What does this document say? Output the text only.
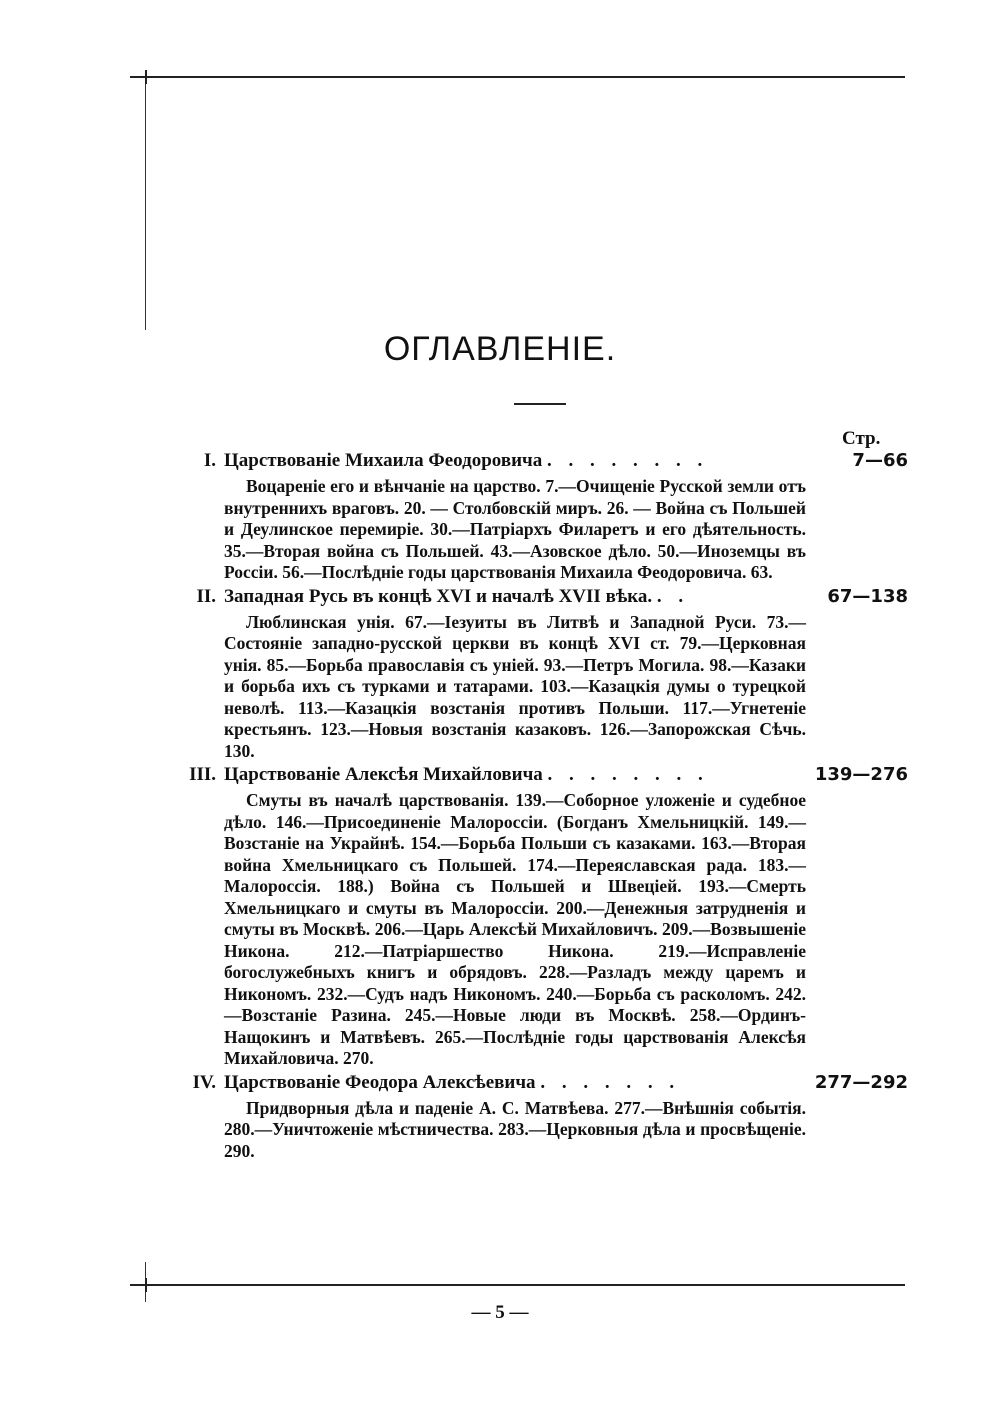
ОГЛАВЛЕНІЕ.
Стр.
I. Царствованіе Михаила Феодоровича . . . . . . . .	7—66

Воцареніе его и вѣнчаніе на царство. 7.—Очищеніе Русской земли отъ внутреннихъ враговъ. 20. — Столбовскій миръ. 26. — Война съ Польшей и Деулинское перемиріе. 30.—Патріархъ Филаретъ и его дѣятельность. 35.—Вторая война съ Польшей. 43.—Азовское дѣло. 50.—Иноземцы въ Россіи. 56.—Послѣдніе годы царствованія Михаила Феодоровича. 63.

II. Западная Русь въ концѣ XVI и началѣ XVII вѣка. . .	67—138

Люблинская унія. 67.—Іезуиты въ Литвѣ и Западной Руси. 73.—Состояніе западно-русской церкви въ концѣ XVI ст. 79.—Церковная унія. 85.—Борьба православія съ уніей. 93.—Петръ Могила. 98.—Казаки и борьба ихъ съ турками и татарами. 103.—Казацкія думы о турецкой неволѣ. 113.—Казацкія возстанія противъ Польши. 117.—Угнетеніе крестьянъ. 123.—Новыя возстанія казаковъ. 126.—Запорожская Сѣчь. 130.

III. Царствованіе Алексѣя Михайловича . . . . . . . .	139—276

Смуты въ началѣ царствованія. 139.—Соборное уложеніе и судебное дѣло. 146.—Присоединеніе Малороссіи. (Богданъ Хмельницкій. 149.—Возстаніе на Украйнѣ. 154.—Борьба Польши съ казаками. 163.—Вторая война Хмельницкаго съ Польшей. 174.—Переяславская рада. 183.—Малороссія. 188.) Война съ Польшей и Швеціей. 193.—Смерть Хмельницкаго и смуты въ Малороссіи. 200.—Денежныя затрудненія и смуты въ Москвѣ. 206.—Царь Алексѣй Михайловичъ. 209.—Возвышеніе Никона. 212.—Патріаршество Никона. 219.—Исправленіе богослужебныхъ книгъ и обрядовъ. 228.—Разладъ между царемъ и Никономъ. 232.—Судъ надъ Никономъ. 240.—Борьба съ расколомъ. 242.—Возстаніе Разина. 245.—Новые люди въ Москвѣ. 258.—Ординъ-Нащокинъ и Матвѣевъ. 265.—Послѣдніе годы царствованія Алексѣя Михайловича. 270.

IV. Царствованіе Феодора Алексѣевича . . . . . . .	277—292

Придворныя дѣла и паденіе А. С. Матвѣева. 277.—Внѣшнія событія. 280.—Уничтоженіе мѣстничества. 283.—Церковныя дѣла и просвѣщеніе. 290.

— 5 —
